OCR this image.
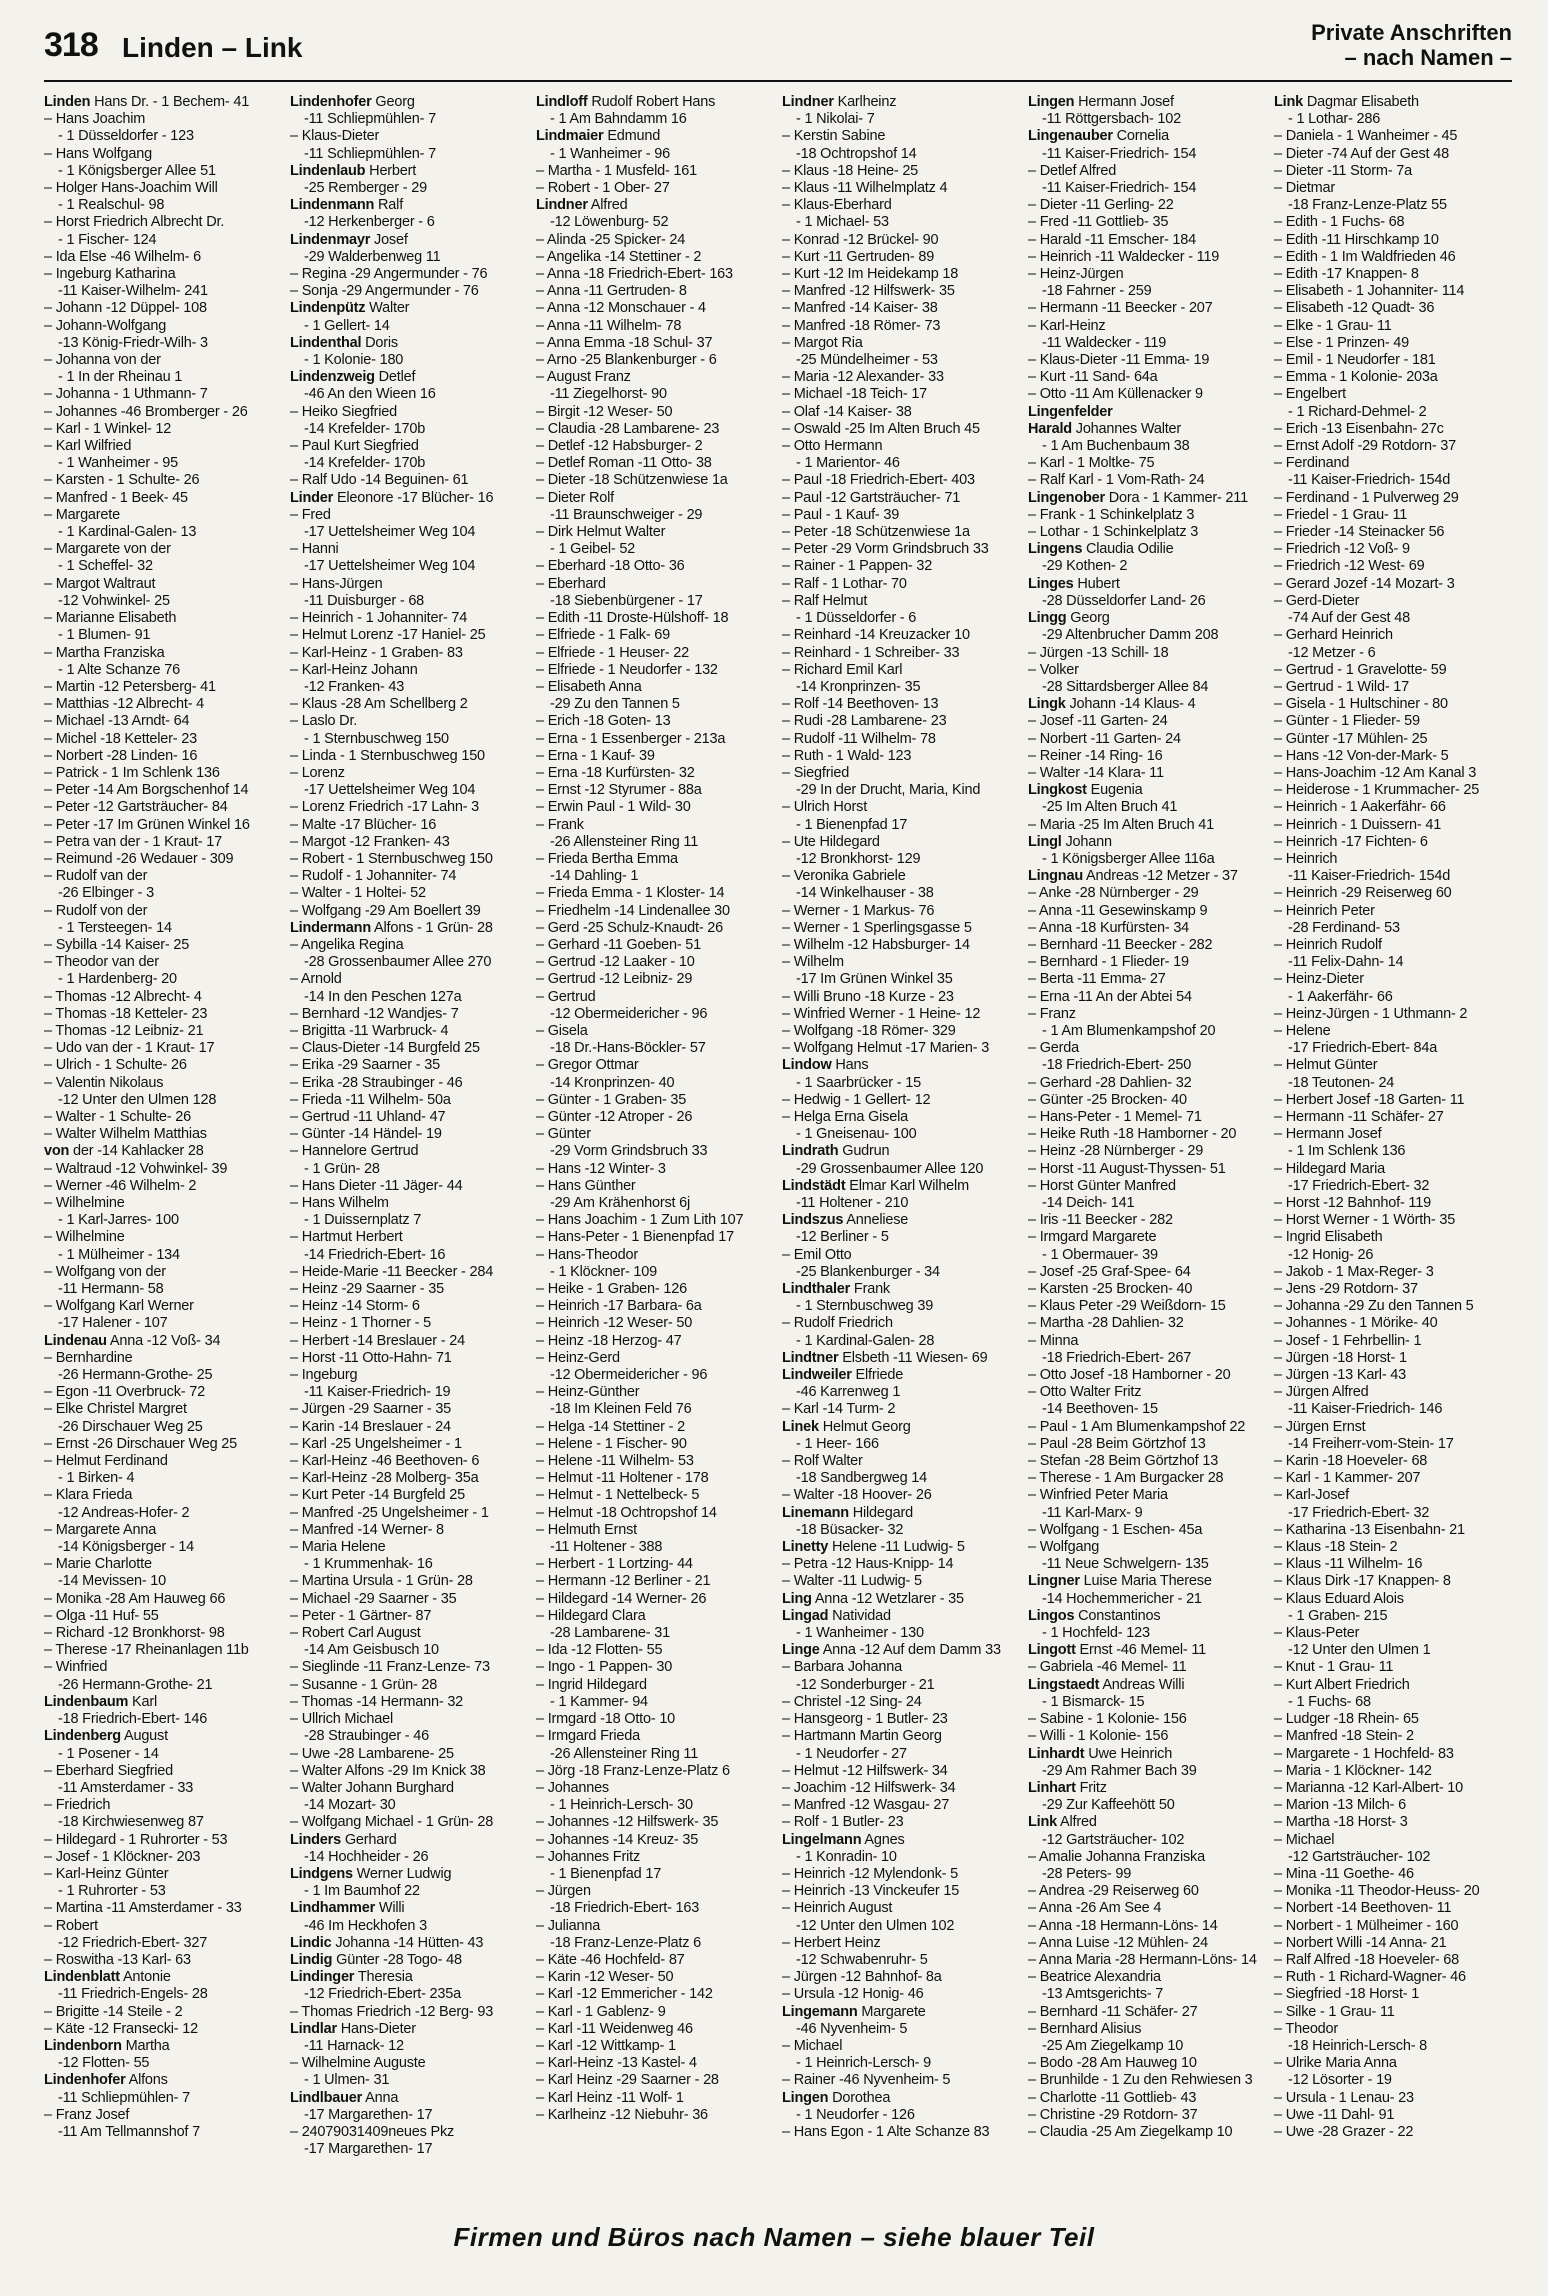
318 Linden – Link	Private Anschriften
– nach Namen –

Linden Hans Dr. - 1 Bechem- 41

– Hans Joachim

- 1 Düsseldorfer - 123

– Hans Wolfgang

- 1 Königsberger Allee 51

– Holger Hans-Joachim Will

- 1 Realschul- 98

– Horst Friedrich Albrecht Dr.

- 1 Fischer- 124

– Ida Else -46 Wilhelm- 6

– Ingeburg Katharina

-11 Kaiser-Wilhelm- 241

– Johann -12 Düppel- 108

– Johann-Wolfgang

-13 König-Friedr-Wilh- 3

– Johanna von der

- 1 In der Rheinau 1

– Johanna - 1 Uthmann- 7

– Johannes -46 Bromberger - 26

– Karl - 1 Winkel- 12

– Karl Wilfried

- 1 Wanheimer - 95

– Karsten - 1 Schulte- 26

– Manfred - 1 Beek- 45

– Margarete

- 1 Kardinal-Galen- 13

– Margarete von der

- 1 Scheffel- 32

– Margot Waltraut

-12 Vohwinkel- 25

– Marianne Elisabeth

- 1 Blumen- 91

– Martha Franziska

- 1 Alte Schanze 76

– Martin -12 Petersberg- 41

– Matthias -12 Albrecht- 4

– Michael -13 Arndt- 64

– Michel -18 Ketteler- 23

– Norbert -28 Linden- 16

– Patrick - 1 Im Schlenk 136

– Peter -14 Am Borgschenhof 14

– Peter -12 Gartsträucher- 84

– Peter -17 Im Grünen Winkel 16

– Petra van der - 1 Kraut- 17

– Reimund -26 Wedauer - 309

– Rudolf van der

-26 Elbinger - 3

– Rudolf von der

- 1 Tersteegen- 14

– Sybilla -14 Kaiser- 25

– Theodor van der

- 1 Hardenberg- 20

– Thomas -12 Albrecht- 4

– Thomas -18 Ketteler- 23

– Thomas -12 Leibniz- 21

– Udo van der - 1 Kraut- 17

– Ulrich - 1 Schulte- 26

– Valentin Nikolaus

-12 Unter den Ulmen 128

– Walter - 1 Schulte- 26

– Walter Wilhelm Matthias

von der -14 Kahlacker 28

– Waltraud -12 Vohwinkel- 39

– Werner -46 Wilhelm- 2

– Wilhelmine

- 1 Karl-Jarres- 100

– Wilhelmine

- 1 Mülheimer - 134

– Wolfgang von der

-11 Hermann- 58

– Wolfgang Karl Werner

-17 Halener - 107

Lindenau Anna -12 Voß- 34

– Bernhardine

-26 Hermann-Grothe- 25

– Egon -11 Overbruck- 72

– Elke Christel Margret

-26 Dirschauer Weg 25

– Ernst -26 Dirschauer Weg 25

– Helmut Ferdinand

- 1 Birken- 4

– Klara Frieda

-12 Andreas-Hofer- 2

– Margarete Anna

-14 Königsberger - 14

– Marie Charlotte

-14 Mevissen- 10

– Monika -28 Am Hauweg 66

– Olga -11 Huf- 55

– Richard -12 Bronkhorst- 98

– Therese -17 Rheinanlagen 11b

– Winfried

-26 Hermann-Grothe- 21

Lindenbaum Karl

-18 Friedrich-Ebert- 146

Lindenberg August

- 1 Posener - 14

– Eberhard Siegfried

-11 Amsterdamer - 33

– Friedrich

-18 Kirchwiesenweg 87

– Hildegard - 1 Ruhrorter - 53

– Josef - 1 Klöckner- 203

– Karl-Heinz Günter

- 1 Ruhrorter - 53

– Martina -11 Amsterdamer - 33

– Robert

-12 Friedrich-Ebert- 327

– Roswitha -13 Karl- 63

Lindenblatt Antonie

-11 Friedrich-Engels- 28

– Brigitte -14 Steile - 2

– Käte -12 Fransecki- 12

Lindenborn Martha

-12 Flotten- 55

Lindenhofer Alfons

-11 Schliepmühlen- 7

– Franz Josef

-11 Am Tellmannshof 7

Lindenhofer Georg

-11 Schliepmühlen- 7

– Klaus-Dieter

-11 Schliepmühlen- 7

Lindenlaub Herbert

-25 Remberger - 29

Lindenmann Ralf

-12 Herkenberger - 6

Lindenmayr Josef

-29 Walderbenweg 11

– Regina -29 Angermunder - 76

– Sonja -29 Angermunder - 76

Lindenpütz Walter

- 1 Gellert- 14

Lindenthal Doris

- 1 Kolonie- 180

Lindenzweig Detlef

-46 An den Wieen 16

– Heiko Siegfried

-14 Krefelder- 170b

– Paul Kurt Siegfried

-14 Krefelder- 170b

– Ralf Udo -14 Beguinen- 61

Linder Eleonore -17 Blücher- 16

– Fred

-17 Uettelsheimer Weg 104

– Hanni

-17 Uettelsheimer Weg 104

– Hans-Jürgen

-11 Duisburger - 68

– Heinrich - 1 Johanniter- 74

– Helmut Lorenz -17 Haniel- 25

– Karl-Heinz - 1 Graben- 83

– Karl-Heinz Johann

-12 Franken- 43

– Klaus -28 Am Schellberg 2

– Laslo Dr.

- 1 Sternbuschweg 150

– Linda - 1 Sternbuschweg 150

– Lorenz

-17 Uettelsheimer Weg 104

– Lorenz Friedrich -17 Lahn- 3

– Malte -17 Blücher- 16

– Margot -12 Franken- 43

– Robert - 1 Sternbuschweg 150

– Rudolf - 1 Johanniter- 74

– Walter - 1 Holtei- 52

– Wolfgang -29 Am Boellert 39

Lindermann Alfons - 1 Grün- 28

– Angelika Regina

-28 Grossenbaumer Allee 270

– Arnold

-14 In den Peschen 127a

– Bernhard -12 Wandjes- 7

– Brigitta -11 Warbruck- 4

– Claus-Dieter -14 Burgfeld 25

– Erika -29 Saarner - 35

– Erika -28 Straubinger - 46

– Frieda -11 Wilhelm- 50a

– Gertrud -11 Uhland- 47

– Günter -14 Händel- 19

– Hannelore Gertrud

- 1 Grün- 28

– Hans Dieter -11 Jäger- 44

– Hans Wilhelm

- 1 Duissernplatz 7

– Hartmut Herbert

-14 Friedrich-Ebert- 16

– Heide-Marie -11 Beecker - 284

– Heinz -29 Saarner - 35

– Heinz -14 Storm- 6

– Heinz - 1 Thorner - 5

– Herbert -14 Breslauer - 24

– Horst -11 Otto-Hahn- 71

– Ingeburg

-11 Kaiser-Friedrich- 19

– Jürgen -29 Saarner - 35

– Karin -14 Breslauer - 24

– Karl -25 Ungelsheimer - 1

– Karl-Heinz -46 Beethoven- 6

– Karl-Heinz -28 Molberg- 35a

– Kurt Peter -14 Burgfeld 25

– Manfred -25 Ungelsheimer - 1

– Manfred -14 Werner- 8

– Maria Helene

- 1 Krummenhak- 16

– Martina Ursula - 1 Grün- 28

– Michael -29 Saarner - 35

– Peter - 1 Gärtner- 87

– Robert Carl August

-14 Am Geisbusch 10

– Sieglinde -11 Franz-Lenze- 73

– Susanne - 1 Grün- 28

– Thomas -14 Hermann- 32

– Ullrich Michael

-28 Straubinger - 46

– Uwe -28 Lambarene- 25

– Walter Alfons -29 Im Knick 38

– Walter Johann Burghard

-14 Mozart- 30

– Wolfgang Michael - 1 Grün- 28

Linders Gerhard

-14 Hochheider - 26

Lindgens Werner Ludwig

- 1 Im Baumhof 22

Lindhammer Willi

-46 Im Heckhofen 3

Lindic Johanna -14 Hütten- 43

Lindig Günter -28 Togo- 48

Lindinger Theresia

-12 Friedrich-Ebert- 235a

– Thomas Friedrich -12 Berg- 93

Lindlar Hans-Dieter

-11 Harnack- 12

– Wilhelmine Auguste

- 1 Ulmen- 31

Lindlbauer Anna

-17 Margarethen- 17

– 24079031409neues Pkz

-17 Margarethen- 17

Lindloff Rudolf Robert Hans

- 1 Am Bahndamm 16

Lindmaier Edmund

- 1 Wanheimer - 96

– Martha - 1 Musfeld- 161

– Robert - 1 Ober- 27

Lindner Alfred

-12 Löwenburg- 52

– Alinda -25 Spicker- 24

– Angelika -14 Stettiner - 2

– Anna -18 Friedrich-Ebert- 163

– Anna -11 Gertruden- 8

– Anna -12 Monschauer - 4

– Anna -11 Wilhelm- 78

– Anna Emma -18 Schul- 37

– Arno -25 Blankenburger - 6

– August Franz

-11 Ziegelhorst- 90

– Birgit -12 Weser- 50

– Claudia -28 Lambarene- 23

– Detlef -12 Habsburger- 2

– Detlef Roman -11 Otto- 38

– Dieter -18 Schützenwiese 1a

– Dieter Rolf

-11 Braunschweiger - 29

– Dirk Helmut Walter

- 1 Geibel- 52

– Eberhard -18 Otto- 36

– Eberhard

-18 Siebenbürgener - 17

– Edith -11 Droste-Hülshoff- 18

– Elfriede - 1 Falk- 69

– Elfriede - 1 Heuser- 22

– Elfriede - 1 Neudorfer - 132

– Elisabeth Anna

-29 Zu den Tannen 5

– Erich -18 Goten- 13

– Erna - 1 Essenberger - 213a

– Erna - 1 Kauf- 39

– Erna -18 Kurfürsten- 32

– Ernst -12 Styrumer - 88a

– Erwin Paul - 1 Wild- 30

– Frank

-26 Allensteiner Ring 11

– Frieda Bertha Emma

-14 Dahling- 1

– Frieda Emma - 1 Kloster- 14

– Friedhelm -14 Lindenallee 30

– Gerd -25 Schulz-Knaudt- 26

– Gerhard -11 Goeben- 51

– Gertrud -12 Laaker - 10

– Gertrud -12 Leibniz- 29

– Gertrud

-12 Obermeidericher - 96

– Gisela

-18 Dr.-Hans-Böckler- 57

– Gregor Ottmar

-14 Kronprinzen- 40

– Günter - 1 Graben- 35

– Günter -12 Atroper - 26

– Günter

-29 Vorm Grindsbruch 33

– Hans -12 Winter- 3

– Hans Günther

-29 Am Krähenhorst 6j

– Hans Joachim - 1 Zum Lith 107

– Hans-Peter - 1 Bienenpfad 17

– Hans-Theodor

- 1 Klöckner- 109

– Heike - 1 Graben- 126

– Heinrich -17 Barbara- 6a

– Heinrich -12 Weser- 50

– Heinz -18 Herzog- 47

– Heinz-Gerd

-12 Obermeidericher - 96

– Heinz-Günther

-18 Im Kleinen Feld 76

– Helga -14 Stettiner - 2

– Helene - 1 Fischer- 90

– Helene -11 Wilhelm- 53

– Helmut -11 Holtener - 178

– Helmut - 1 Nettelbeck- 5

– Helmut -18 Ochtropshof 14

– Helmuth Ernst

-11 Holtener - 388

– Herbert - 1 Lortzing- 44

– Hermann -12 Berliner - 21

– Hildegard -14 Werner- 26

– Hildegard Clara

-28 Lambarene- 31

– Ida -12 Flotten- 55

– Ingo - 1 Pappen- 30

– Ingrid Hildegard

- 1 Kammer- 94

– Irmgard -18 Otto- 10

– Irmgard Frieda

-26 Allensteiner Ring 11

– Jörg -18 Franz-Lenze-Platz 6

– Johannes

- 1 Heinrich-Lersch- 30

– Johannes -12 Hilfswerk- 35

– Johannes -14 Kreuz- 35

– Johannes Fritz

- 1 Bienenpfad 17

– Jürgen

-18 Friedrich-Ebert- 163

– Julianna

-18 Franz-Lenze-Platz 6

– Käte -46 Hochfeld- 87

– Karin -12 Weser- 50

– Karl -12 Emmericher - 142

– Karl - 1 Gablenz- 9

– Karl -11 Weidenweg 46

– Karl -12 Wittkamp- 1

– Karl-Heinz -13 Kastel- 4

– Karl Heinz -29 Saarner - 28

– Karl Heinz -11 Wolf- 1

– Karlheinz -12 Niebuhr- 36

Lindner Karlheinz

- 1 Nikolai- 7

– Kerstin Sabine

-18 Ochtropshof 14

– Klaus -18 Heine- 25

– Klaus -11 Wilhelmplatz 4

– Klaus-Eberhard

- 1 Michael- 53

– Konrad -12 Brückel- 90

– Kurt -11 Gertruden- 89

– Kurt -12 Im Heidekamp 18

– Manfred -12 Hilfswerk- 35

– Manfred -14 Kaiser- 38

– Manfred -18 Römer- 73

– Margot Ria

-25 Mündelheimer - 53

– Maria -12 Alexander- 33

– Michael -18 Teich- 17

– Olaf -14 Kaiser- 38

– Oswald -25 Im Alten Bruch 45

– Otto Hermann

- 1 Marientor- 46

– Paul -18 Friedrich-Ebert- 403

– Paul -12 Gartsträucher- 71

– Paul - 1 Kauf- 39

– Peter -18 Schützenwiese 1a

– Peter -29 Vorm Grindsbruch 33

– Rainer - 1 Pappen- 32

– Ralf - 1 Lothar- 70

– Ralf Helmut

- 1 Düsseldorfer - 6

– Reinhard -14 Kreuzacker 10

– Reinhard - 1 Schreiber- 33

– Richard Emil Karl

-14 Kronprinzen- 35

– Rolf -14 Beethoven- 13

– Rudi -28 Lambarene- 23

– Rudolf -11 Wilhelm- 78

– Ruth - 1 Wald- 123

– Siegfried

-29 In der Drucht, Maria, Kind

– Ulrich Horst

- 1 Bienenpfad 17

– Ute Hildegard

-12 Bronkhorst- 129

– Veronika Gabriele

-14 Winkelhauser - 38

– Werner - 1 Markus- 76

– Werner - 1 Sperlingsgasse 5

– Wilhelm -12 Habsburger- 14

– Wilhelm

-17 Im Grünen Winkel 35

– Willi Bruno -18 Kurze - 23

– Winfried Werner - 1 Heine- 12

– Wolfgang -18 Römer- 329

– Wolfgang Helmut -17 Marien- 3

Lindow Hans

- 1 Saarbrücker - 15

– Hedwig - 1 Gellert- 12

– Helga Erna Gisela

- 1 Gneisenau- 100

Lindrath Gudrun

-29 Grossenbaumer Allee 120

Lindstädt Elmar Karl Wilhelm

-11 Holtener - 210

Lindszus Anneliese

-12 Berliner - 5

– Emil Otto

-25 Blankenburger - 34

Lindthaler Frank

- 1 Sternbuschweg 39

– Rudolf Friedrich

- 1 Kardinal-Galen- 28

Lindtner Elsbeth -11 Wiesen- 69

Lindweiler Elfriede

-46 Karrenweg 1

– Karl -14 Turm- 2

Linek Helmut Georg

- 1 Heer- 166

– Rolf Walter

-18 Sandbergweg 14

– Walter -18 Hoover- 26

Linemann Hildegard

-18 Büsacker- 32

Linetty Helene -11 Ludwig- 5

– Petra -12 Haus-Knipp- 14

– Walter -11 Ludwig- 5

Ling Anna -12 Wetzlarer - 35

Lingad Natividad

- 1 Wanheimer - 130

Linge Anna -12 Auf dem Damm 33

– Barbara Johanna

-12 Sonderburger - 21

– Christel -12 Sing- 24

– Hansgeorg - 1 Butler- 23

– Hartmann Martin Georg

- 1 Neudorfer - 27

– Helmut -12 Hilfswerk- 34

– Joachim -12 Hilfswerk- 34

– Manfred -12 Wasgau- 27

– Rolf - 1 Butler- 23

Lingelmann Agnes

- 1 Konradin- 10

– Heinrich -12 Mylendonk- 5

– Heinrich -13 Vinckeufer 15

– Heinrich August

-12 Unter den Ulmen 102

– Herbert Heinz

-12 Schwabenruhr- 5

– Jürgen -12 Bahnhof- 8a

– Ursula -12 Honig- 46

Lingemann Margarete

-46 Nyvenheim- 5

– Michael

- 1 Heinrich-Lersch- 9

– Rainer -46 Nyvenheim- 5

Lingen Dorothea

- 1 Neudorfer - 126

– Hans Egon - 1 Alte Schanze 83

Lingen Hermann Josef

-11 Röttgersbach- 102

Lingenauber Cornelia

-11 Kaiser-Friedrich- 154

– Detlef Alfred

-11 Kaiser-Friedrich- 154

– Dieter -11 Gerling- 22

– Fred -11 Gottlieb- 35

– Harald -11 Emscher- 184

– Heinrich -11 Waldecker - 119

– Heinz-Jürgen

-18 Fahrner - 259

– Hermann -11 Beecker - 207

– Karl-Heinz

-11 Waldecker - 119

– Klaus-Dieter -11 Emma- 19

– Kurt -11 Sand- 64a

– Otto -11 Am Küllenacker 9

Lingenfelder

Harald Johannes Walter

- 1 Am Buchenbaum 38

– Karl - 1 Moltke- 75

– Ralf Karl - 1 Vom-Rath- 24

Lingenober Dora - 1 Kammer- 211

– Frank - 1 Schinkelplatz 3

– Lothar - 1 Schinkelplatz 3

Lingens Claudia Odilie

-29 Kothen- 2

Linges Hubert

-28 Düsseldorfer Land- 26

Lingg Georg

-29 Altenbrucher Damm 208

– Jürgen -13 Schill- 18

– Volker

-28 Sittardsberger Allee 84

Lingk Johann -14 Klaus- 4

– Josef -11 Garten- 24

– Norbert -11 Garten- 24

– Reiner -14 Ring- 16

– Walter -14 Klara- 11

Lingkost Eugenia

-25 Im Alten Bruch 41

– Maria -25 Im Alten Bruch 41

Lingl Johann

- 1 Königsberger Allee 116a

Lingnau Andreas -12 Metzer - 37

– Anke -28 Nürnberger - 29

– Anna -11 Gesewinskamp 9

– Anna -18 Kurfürsten- 34

– Bernhard -11 Beecker - 282

– Bernhard - 1 Flieder- 19

– Berta -11 Emma- 27

– Erna -11 An der Abtei 54

– Franz

- 1 Am Blumenkampshof 20

– Gerda

-18 Friedrich-Ebert- 250

– Gerhard -28 Dahlien- 32

– Günter -25 Brocken- 40

– Hans-Peter - 1 Memel- 71

– Heike Ruth -18 Hamborner - 20

– Heinz -28 Nürnberger - 29

– Horst -11 August-Thyssen- 51

– Horst Günter Manfred

-14 Deich- 141

– Iris -11 Beecker - 282

– Irmgard Margarete

- 1 Obermauer- 39

– Josef -25 Graf-Spee- 64

– Karsten -25 Brocken- 40

– Klaus Peter -29 Weißdorn- 15

– Martha -28 Dahlien- 32

– Minna

-18 Friedrich-Ebert- 267

– Otto Josef -18 Hamborner - 20

– Otto Walter Fritz

-14 Beethoven- 15

– Paul - 1 Am Blumenkampshof 22

– Paul -28 Beim Görtzhof 13

– Stefan -28 Beim Görtzhof 13

– Therese - 1 Am Burgacker 28

– Winfried Peter Maria

-11 Karl-Marx- 9

– Wolfgang - 1 Eschen- 45a

– Wolfgang

-11 Neue Schwelgern- 135

Lingner Luise Maria Therese

-14 Hochemmericher - 21

Lingos Constantinos

- 1 Hochfeld- 123

Lingott Ernst -46 Memel- 11

– Gabriela -46 Memel- 11

Lingstaedt Andreas Willi

- 1 Bismarck- 15

– Sabine - 1 Kolonie- 156

– Willi - 1 Kolonie- 156

Linhardt Uwe Heinrich

-29 Am Rahmer Bach 39

Linhart Fritz

-29 Zur Kaffeehött 50

Link Alfred

-12 Gartsträucher- 102

– Amalie Johanna Franziska

-28 Peters- 99

– Andrea -29 Reiserweg 60

– Anna -26 Am See 4

– Anna -18 Hermann-Löns- 14

– Anna Luise -12 Mühlen- 24

– Anna Maria -28 Hermann-Löns- 14

– Beatrice Alexandria

-13 Amtsgerichts- 7

– Bernhard -11 Schäfer- 27

– Bernhard Alisius

-25 Am Ziegelkamp 10

– Bodo -28 Am Hauweg 10

– Brunhilde - 1 Zu den Rehwiesen 3

– Charlotte -11 Gottlieb- 43

– Christine -29 Rotdorn- 37

– Claudia -25 Am Ziegelkamp 10

Link Dagmar Elisabeth

- 1 Lothar- 286

– Daniela - 1 Wanheimer - 45

– Dieter -74 Auf der Gest 48

– Dieter -11 Storm- 7a

– Dietmar

-18 Franz-Lenze-Platz 55

– Edith - 1 Fuchs- 68

– Edith -11 Hirschkamp 10

– Edith - 1 Im Waldfrieden 46

– Edith -17 Knappen- 8

– Elisabeth - 1 Johanniter- 114

– Elisabeth -12 Quadt- 36

– Elke - 1 Grau- 11

– Else - 1 Prinzen- 49

– Emil - 1 Neudorfer - 181

– Emma - 1 Kolonie- 203a

– Engelbert

- 1 Richard-Dehmel- 2

– Erich -13 Eisenbahn- 27c

– Ernst Adolf -29 Rotdorn- 37

– Ferdinand

-11 Kaiser-Friedrich- 154d

– Ferdinand - 1 Pulverweg 29

– Friedel - 1 Grau- 11

– Frieder -14 Steinacker 56

– Friedrich -12 Voß- 9

– Friedrich -12 West- 69

– Gerard Jozef -14 Mozart- 3

– Gerd-Dieter

-74 Auf der Gest 48

– Gerhard Heinrich

-12 Metzer - 6

– Gertrud - 1 Gravelotte- 59

– Gertrud - 1 Wild- 17

– Gisela - 1 Hultschiner - 80

– Günter - 1 Flieder- 59

– Günter -17 Mühlen- 25

– Hans -12 Von-der-Mark- 5

– Hans-Joachim -12 Am Kanal 3

– Heiderose - 1 Krummacher- 25

– Heinrich - 1 Aakerfähr- 66

– Heinrich - 1 Duissern- 41

– Heinrich -17 Fichten- 6

– Heinrich

-11 Kaiser-Friedrich- 154d

– Heinrich -29 Reiserweg 60

– Heinrich Peter

-28 Ferdinand- 53

– Heinrich Rudolf

-11 Felix-Dahn- 14

– Heinz-Dieter

- 1 Aakerfähr- 66

– Heinz-Jürgen - 1 Uthmann- 2

– Helene

-17 Friedrich-Ebert- 84a

– Helmut Günter

-18 Teutonen- 24

– Herbert Josef -18 Garten- 11

– Hermann -11 Schäfer- 27

– Hermann Josef

- 1 Im Schlenk 136

– Hildegard Maria

-17 Friedrich-Ebert- 32

– Horst -12 Bahnhof- 119

– Horst Werner - 1 Wörth- 35

– Ingrid Elisabeth

-12 Honig- 26

– Jakob - 1 Max-Reger- 3

– Jens -29 Rotdorn- 37

– Johanna -29 Zu den Tannen 5

– Johannes - 1 Mörike- 40

– Josef - 1 Fehrbellin- 1

– Jürgen -18 Horst- 1

– Jürgen -13 Karl- 43

– Jürgen Alfred

-11 Kaiser-Friedrich- 146

– Jürgen Ernst

-14 Freiherr-vom-Stein- 17

– Karin -18 Hoeveler- 68

– Karl - 1 Kammer- 207

– Karl-Josef

-17 Friedrich-Ebert- 32

– Katharina -13 Eisenbahn- 21

– Klaus -18 Stein- 2

– Klaus -11 Wilhelm- 16

– Klaus Dirk -17 Knappen- 8

– Klaus Eduard Alois

- 1 Graben- 215

– Klaus-Peter

-12 Unter den Ulmen 1

– Knut - 1 Grau- 11

– Kurt Albert Friedrich

- 1 Fuchs- 68

– Ludger -18 Rhein- 65

– Manfred -18 Stein- 2

– Margarete - 1 Hochfeld- 83

– Maria - 1 Klöckner- 142

– Marianna -12 Karl-Albert- 10

– Marion -13 Milch- 6

– Martha -18 Horst- 3

– Michael

-12 Gartsträucher- 102

– Mina -11 Goethe- 46

– Monika -11 Theodor-Heuss- 20

– Norbert -14 Beethoven- 11

– Norbert - 1 Mülheimer - 160

– Norbert Willi -14 Anna- 21

– Ralf Alfred -18 Hoeveler- 68

– Ruth - 1 Richard-Wagner- 46

– Siegfried -18 Horst- 1

– Silke - 1 Grau- 11

– Theodor

-18 Heinrich-Lersch- 8

– Ulrike Maria Anna

-12 Lösorter - 19

– Ursula - 1 Lenau- 23

– Uwe -11 Dahl- 91

– Uwe -28 Grazer - 22

Firmen und Büros nach Namen – siehe blauer Teil
